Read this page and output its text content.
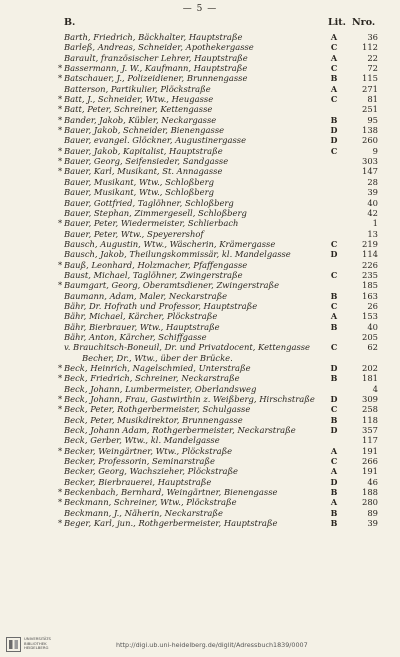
— 5 —
B.	Lit. Nro.
Barth, Friedrich, Bäckhalter, Hauptstraße	A	36
Barleß, Andreas, Schneider, Apothekergasse	C	112
Barault, französischer Lehrer, Hauptstraße	A	22
* Bassermann, J. W., Kaufmann, Hauptstraße	C	72
* Batschauer, J., Polizeidiener, Brunnengasse	B	115
Batterson, Partikulier, Plöckstraße	A	271
* Batt, J., Schneider, Wtw., Heugasse	C	81
* Batt, Peter, Schreiner, Kettengasse	251
* Bander, Jakob, Kübler, Neckargasse	B	95
* Bauer, Jakob, Schneider, Bienengasse	D	138
Bauer, evangel. Glöckner, Augustinergasse	D	260
* Bauer, Jakob, Kapitalist, Hauptstraße	C	9
* Bauer, Georg, Seifensieder, Sandgasse	303
* Bauer, Karl, Musikant, St. Annagasse	147
Bauer, Musikant, Wtw., Schloßberg	28
Bauer, Musikant, Wtw., Schloßberg	39
Bauer, Gottfried, Taglöhner, Schloßberg	40
Bauer, Stephan, Zimmergesell, Schloßberg	42
* Bauer, Peter, Wiedermeister, Schlierbach	1
Bauer, Peter, Wtw., Speyerershof	13
Bausch, Augustin, Wtw., Wäscherin, Krämergasse	C	219
Bausch, Jakob, Theilungskommissär, kl. Mandelgasse	D	114
* Bauß, Leonhard, Holzmacher, Pfaffengasse	226
Baust, Michael, Taglöhner, Zwingerstraße	C	235
* Baumgart, Georg, Oberamtsdiener, Zwingerstraße	185
Baumann, Adam, Maler, Neckarstraße	B	163
Bähr, Dr. Hofrath und Professor, Hauptstraße	C	26
Bähr, Michael, Kärcher, Plöckstraße	A	153
Bähr, Bierbrauer, Wtw., Hauptstraße	B	40
Bähr, Anton, Kärcher, Schiffgasse	205
v. Brauchitsch-Boneuil, Dr. und Privatdocent, Kettengasse	C	62
Becher, Dr., Wtw., über der Brücke.
* Beck, Heinrich, Nagelschmied, Unterstraße	D	202
* Beck, Friedrich, Schreiner, Neckarstraße	B	181
Beck, Johann, Lumbermeister, Oberlandsweg	4
* Beck, Johann, Frau, Gastwirthin z. Weißberg, Hirschstraße	D	309
* Beck, Peter, Rothgerbermeister, Schulgasse	C	258
Beck, Peter, Musikdirektor, Brunnengasse	B	118
Beck, Johann Adam, Rothgerbermeister, Neckarstraße	D	357
Beck, Gerber, Wtw., kl. Mandelgasse	117
* Becker, Weingärtner, Wtw., Plöckstraße	A	191
Becker, Professorin, Seminarstraße	C	266
Becker, Georg, Wachszieher, Plöckstraße	A	191
Becker, Bierbrauerei, Hauptstraße	D	46
* Beckenbach, Bernhard, Weingärtner, Bienengasse	B	188
* Beckmann, Schreiner, Wtw., Plöckstraße	A	280
Beckmann, J., Näherin, Neckarstraße	B	89
* Beger, Karl, jun., Rothgerbermeister, Hauptstraße	B	39
UNIVERSITÄTS BIBLIOTHEK HEIDELBERG	http://digi.ub.uni-heidelberg.de/diglit/Adressbuch1839/0007
